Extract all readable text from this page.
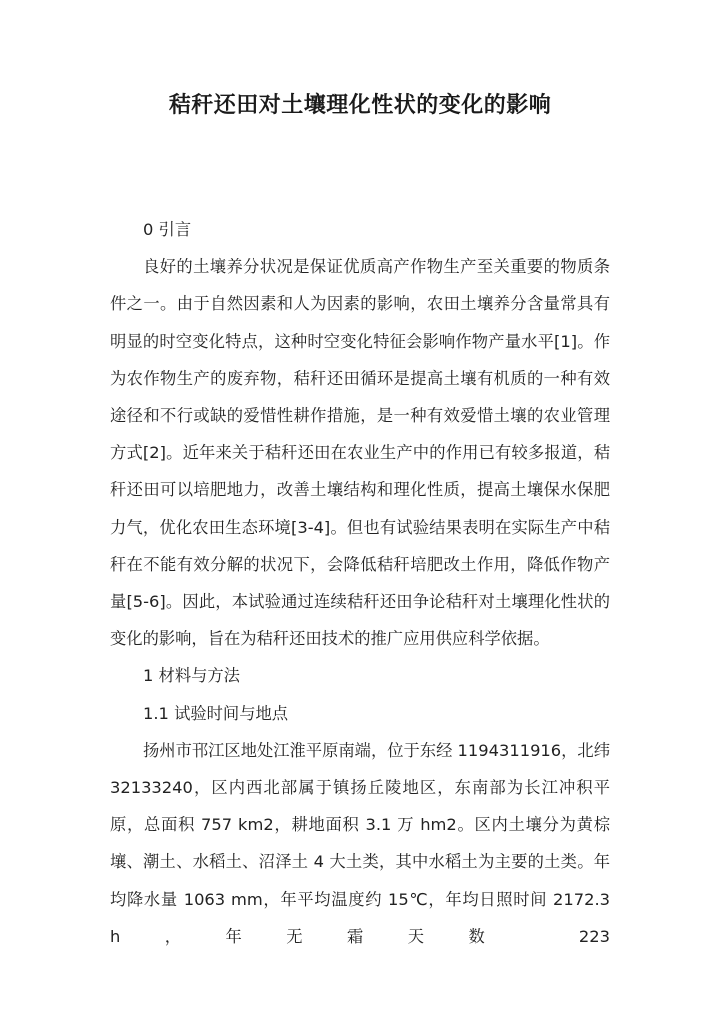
秸秆还田对土壤理化性状的变化的影响

0 引言

良好的土壤养分状况是保证优质高产作物生产至关重要的物质条件之一。由于自然因素和人为因素的影响，农田土壤养分含量常具有明显的时空变化特点，这种时空变化特征会影响作物产量水平[1]。作为农作物生产的废弃物，秸秆还田循环是提高土壤有机质的一种有效途径和不行或缺的爱惜性耕作措施，是一种有效爱惜土壤的农业管理方式[2]。近年来关于秸秆还田在农业生产中的作用已有较多报道，秸秆还田可以培肥地力，改善土壤结构和理化性质，提高土壤保水保肥力气，优化农田生态环境[3-4]。但也有试验结果表明在实际生产中秸秆在不能有效分解的状况下，会降低秸秆培肥改土作用，降低作物产量[5-6]。因此，本试验通过连续秸秆还田争论秸秆对土壤理化性状的变化的影响，旨在为秸秆还田技术的推广应用供应科学依据。

1 材料与方法

1.1 试验时间与地点

扬州市邗江区地处江淮平原南端，位于东经 1194311916，北纬32133240，区内西北部属于镇扬丘陵地区，东南部为长江冲积平原，总面积 757 km2，耕地面积 3.1 万 hm2。区内土壤分为黄棕壤、潮土、水稻土、沼泽土 4 大土类，其中水稻土为主要的土类。年均降水量 1063 mm，年平均温度约 15℃，年均日照时间 2172.3 h，年无霜天数 223
